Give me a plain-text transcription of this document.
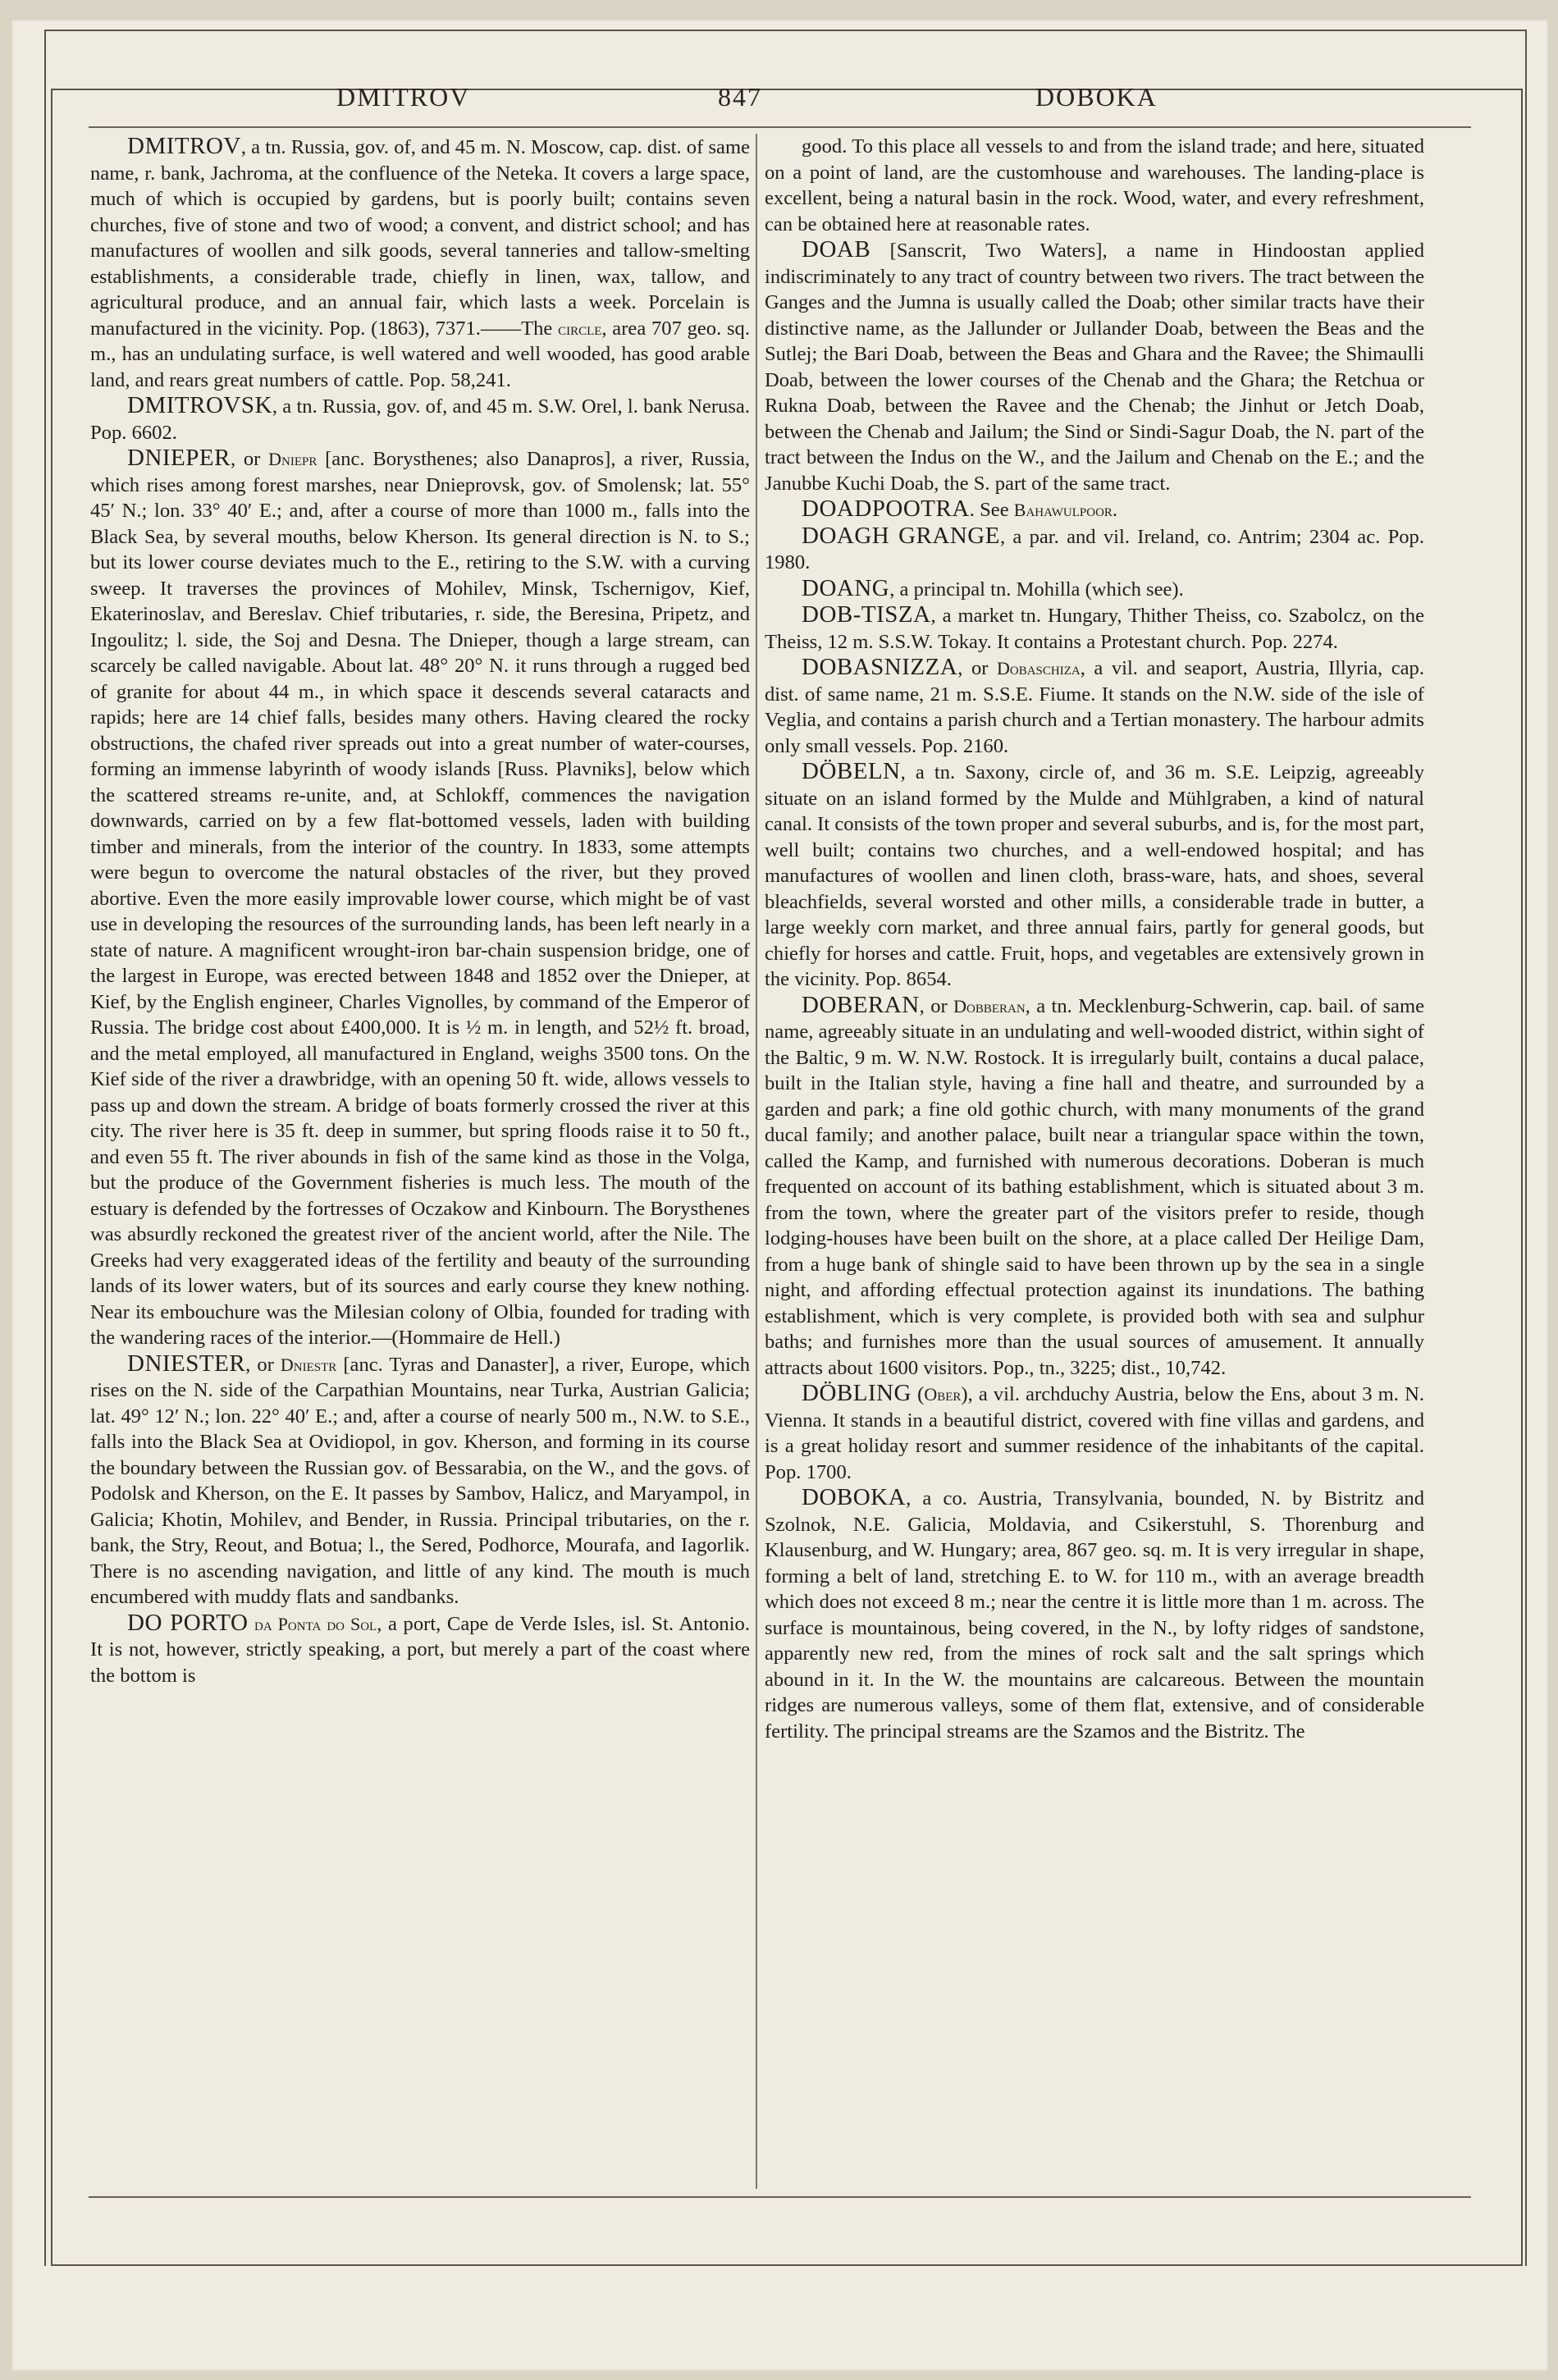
DMITROV	847	DOBOKA

DMITROV, a tn. Russia, gov. of, and 45 m. N. Moscow, cap. dist. of same name, r. bank, Jachroma, at the confluence of the Neteka. It covers a large space, much of which is occupied by gardens, but is poorly built; contains seven churches, five of stone and two of wood; a convent, and district school; and has manufactures of woollen and silk goods, several tanneries and tallow-smelting establishments, a considerable trade, chiefly in linen, wax, tallow, and agricultural produce, and an annual fair, which lasts a week. Porcelain is manufactured in the vicinity. Pop. (1863), 7371.——The circle, area 707 geo. sq. m., has an undulating surface, is well watered and well wooded, has good arable land, and rears great numbers of cattle. Pop. 58,241.

DMITROVSK, a tn. Russia, gov. of, and 45 m. S.W. Orel, l. bank Nerusa. Pop. 6602.

DNIEPER, or Dniepr [anc. Borysthenes; also Danapros], a river, Russia, which rises among forest marshes, near Dnieprovsk, gov. of Smolensk; lat. 55° 45′ N.; lon. 33° 40′ E.; and, after a course of more than 1000 m., falls into the Black Sea, by several mouths, below Kherson. Its general direction is N. to S.; but its lower course deviates much to the E., retiring to the S.W. with a curving sweep. It traverses the provinces of Mohilev, Minsk, Tschernigov, Kief, Ekaterinoslav, and Bereslav. Chief tributaries, r. side, the Beresina, Pripetz, and Ingoulitz; l. side, the Soj and Desna. The Dnieper, though a large stream, can scarcely be called navigable. About lat. 48° 20° N. it runs through a rugged bed of granite for about 44 m., in which space it descends several cataracts and rapids; here are 14 chief falls, besides many others. Having cleared the rocky obstructions, the chafed river spreads out into a great number of water-courses, forming an immense labyrinth of woody islands [Russ. Plavniks], below which the scattered streams re-unite, and, at Schlokff, commences the navigation downwards, carried on by a few flat-bottomed vessels, laden with building timber and minerals, from the interior of the country. In 1833, some attempts were begun to overcome the natural obstacles of the river, but they proved abortive. Even the more easily improvable lower course, which might be of vast use in developing the resources of the surrounding lands, has been left nearly in a state of nature. A magnificent wrought-iron bar-chain suspension bridge, one of the largest in Europe, was erected between 1848 and 1852 over the Dnieper, at Kief, by the English engineer, Charles Vignolles, by command of the Emperor of Russia. The bridge cost about £400,000. It is ½ m. in length, and 52½ ft. broad, and the metal employed, all manufactured in England, weighs 3500 tons. On the Kief side of the river a drawbridge, with an opening 50 ft. wide, allows vessels to pass up and down the stream. A bridge of boats formerly crossed the river at this city. The river here is 35 ft. deep in summer, but spring floods raise it to 50 ft., and even 55 ft. The river abounds in fish of the same kind as those in the Volga, but the produce of the Government fisheries is much less. The mouth of the estuary is defended by the fortresses of Oczakow and Kinbourn. The Borysthenes was absurdly reckoned the greatest river of the ancient world, after the Nile. The Greeks had very exaggerated ideas of the fertility and beauty of the surrounding lands of its lower waters, but of its sources and early course they knew nothing. Near its embouchure was the Milesian colony of Olbia, founded for trading with the wandering races of the interior.—(Hommaire de Hell.)

DNIESTER, or Dniestr [anc. Tyras and Danaster], a river, Europe, which rises on the N. side of the Carpathian Mountains, near Turka, Austrian Galicia; lat. 49° 12′ N.; lon. 22° 40′ E.; and, after a course of nearly 500 m., N.W. to S.E., falls into the Black Sea at Ovidiopol, in gov. Kherson, and forming in its course the boundary between the Russian gov. of Bessarabia, on the W., and the govs. of Podolsk and Kherson, on the E. It passes by Sambov, Halicz, and Maryampol, in Galicia; Khotin, Mohilev, and Bender, in Russia. Principal tributaries, on the r. bank, the Stry, Reout, and Botua; l., the Sered, Podhorce, Mourafa, and Iagorlik. There is no ascending navigation, and little of any kind. The mouth is much encumbered with muddy flats and sandbanks.

DO PORTO da Ponta do Sol, a port, Cape de Verde Isles, isl. St. Antonio. It is not, however, strictly speaking, a port, but merely a part of the coast where the bottom is

good. To this place all vessels to and from the island trade; and here, situated on a point of land, are the customhouse and warehouses. The landing-place is excellent, being a natural basin in the rock. Wood, water, and every refreshment, can be obtained here at reasonable rates.

DOAB [Sanscrit, Two Waters], a name in Hindoostan applied indiscriminately to any tract of country between two rivers. The tract between the Ganges and the Jumna is usually called the Doab; other similar tracts have their distinctive name, as the Jallunder or Jullander Doab, between the Beas and the Sutlej; the Bari Doab, between the Beas and Ghara and the Ravee; the Shimaulli Doab, between the lower courses of the Chenab and the Ghara; the Retchua or Rukna Doab, between the Ravee and the Chenab; the Jinhut or Jetch Doab, between the Chenab and Jailum; the Sind or Sindi-Sagur Doab, the N. part of the tract between the Indus on the W., and the Jailum and Chenab on the E.; and the Janubbe Kuchi Doab, the S. part of the same tract.

DOADPOOTRA. See Bahawulpoor.

DOAGH GRANGE, a par. and vil. Ireland, co. Antrim; 2304 ac. Pop. 1980.

DOANG, a principal tn. Mohilla (which see).

DOB-TISZA, a market tn. Hungary, Thither Theiss, co. Szabolcz, on the Theiss, 12 m. S.S.W. Tokay. It contains a Protestant church. Pop. 2274.

DOBASNIZZA, or Dobaschiza, a vil. and seaport, Austria, Illyria, cap. dist. of same name, 21 m. S.S.E. Fiume. It stands on the N.W. side of the isle of Veglia, and contains a parish church and a Tertian monastery. The harbour admits only small vessels. Pop. 2160.

DÖBELN, a tn. Saxony, circle of, and 36 m. S.E. Leipzig, agreeably situate on an island formed by the Mulde and Mühlgraben, a kind of natural canal. It consists of the town proper and several suburbs, and is, for the most part, well built; contains two churches, and a well-endowed hospital; and has manufactures of woollen and linen cloth, brass-ware, hats, and shoes, several bleachfields, several worsted and other mills, a considerable trade in butter, a large weekly corn market, and three annual fairs, partly for general goods, but chiefly for horses and cattle. Fruit, hops, and vegetables are extensively grown in the vicinity. Pop. 8654.

DOBERAN, or Dobberan, a tn. Mecklenburg-Schwerin, cap. bail. of same name, agreeably situate in an undulating and well-wooded district, within sight of the Baltic, 9 m. W. N.W. Rostock. It is irregularly built, contains a ducal palace, built in the Italian style, having a fine hall and theatre, and surrounded by a garden and park; a fine old gothic church, with many monuments of the grand ducal family; and another palace, built near a triangular space within the town, called the Kamp, and furnished with numerous decorations. Doberan is much frequented on account of its bathing establishment, which is situated about 3 m. from the town, where the greater part of the visitors prefer to reside, though lodging-houses have been built on the shore, at a place called Der Heilige Dam, from a huge bank of shingle said to have been thrown up by the sea in a single night, and affording effectual protection against its inundations. The bathing establishment, which is very complete, is provided both with sea and sulphur baths; and furnishes more than the usual sources of amusement. It annually attracts about 1600 visitors. Pop., tn., 3225; dist., 10,742.

DÖBLING (Ober), a vil. archduchy Austria, below the Ens, about 3 m. N. Vienna. It stands in a beautiful district, covered with fine villas and gardens, and is a great holiday resort and summer residence of the inhabitants of the capital. Pop. 1700.

DOBOKA, a co. Austria, Transylvania, bounded, N. by Bistritz and Szolnok, N.E. Galicia, Moldavia, and Csikerstuhl, S. Thorenburg and Klausenburg, and W. Hungary; area, 867 geo. sq. m. It is very irregular in shape, forming a belt of land, stretching E. to W. for 110 m., with an average breadth which does not exceed 8 m.; near the centre it is little more than 1 m. across. The surface is mountainous, being covered, in the N., by lofty ridges of sandstone, apparently new red, from the mines of rock salt and the salt springs which abound in it. In the W. the mountains are calcareous. Between the mountain ridges are numerous valleys, some of them flat, extensive, and of considerable fertility. The principal streams are the Szamos and the Bistritz. The
